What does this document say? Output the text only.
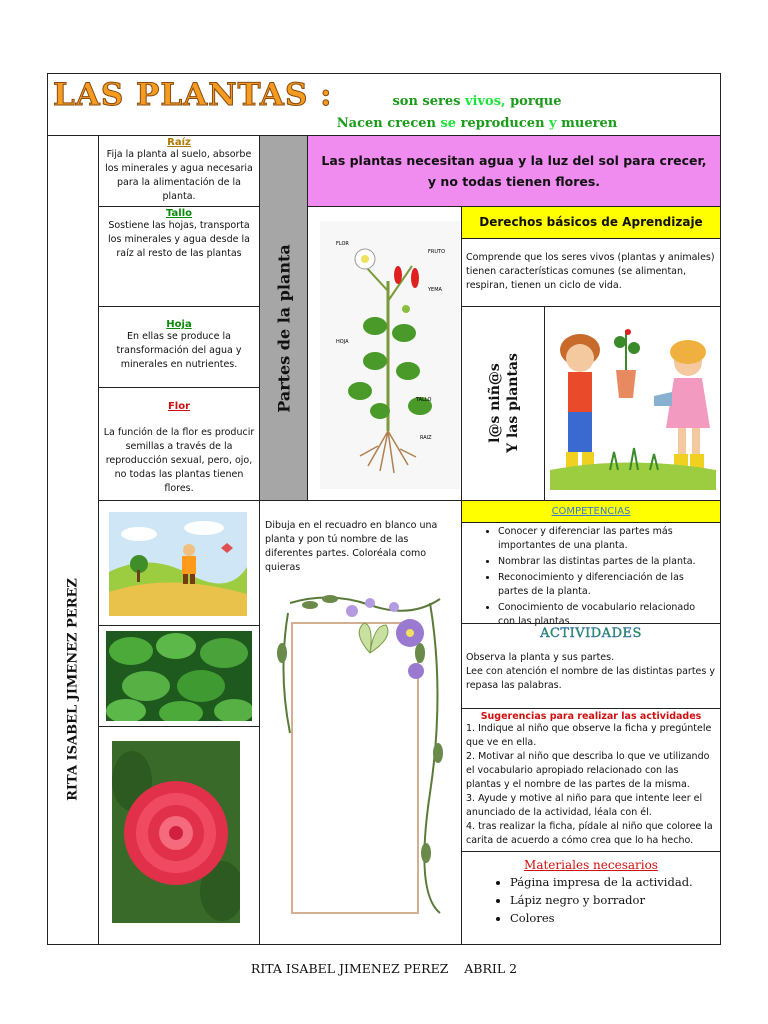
LAS PLANTAS :	son seres vivos, porque
Nacen crecen se reproducen y mueren
RITA ISABEL JIMENEZ PEREZ
Raíz
Fija la planta al suelo, absorbe los minerales y agua necesaria para la alimentación de la planta.
Tallo
Sostiene las hojas, transporta los minerales y agua desde la raíz al resto de las plantas
Hoja
En ellas se produce la transformación del agua y minerales en nutrientes.
Flor
La función de la flor es producir semillas a través de la reproducción sexual, pero, ojo, no todas las plantas tienen flores.
Partes de la planta
Las plantas necesitan agua y la luz del sol para crecer, y no todas tienen flores.
FLOR
FRUTO
YEMA
HOJA
TALLO
RAIZ
Derechos básicos de Aprendizaje
Comprende que los seres vivos (plantas y animales) tienen características comunes (se alimentan, respiran, tienen un ciclo de vida.
l@s niñ@s Y las plantas
Dibuja en el recuadro en blanco una planta y pon tú nombre de las diferentes partes. Coloréala como quieras
COMPETENCIAS
• Conocer y diferenciar las partes más importantes de una planta.
• Nombrar las distintas partes de la planta.
• Reconocimiento y diferenciación de las partes de la planta.
• Conocimiento de vocabulario relacionado con las plantas
ACTIVIDADES
Observa la planta y sus partes.
Lee con atención el nombre de las distintas partes y repasa las palabras.
Sugerencias para realizar las actividades
1. Indique al niño que observe la ficha y pregúntele que ve en ella.
2. Motivar al niño que describa lo que ve utilizando el vocabulario apropiado relacionado con las plantas y el nombre de las partes de la misma.
3. Ayude y motive al niño para que intente leer el anunciado de la actividad, léala con él.
4. tras realizar la ficha, pídale al niño que coloree la carita de acuerdo a cómo crea que lo ha hecho.
Materiales necesarios
• Página impresa de la actividad.
• Lápiz negro y borrador
• Colores
RITA ISABEL JIMENEZ PEREZ    ABRIL 2
